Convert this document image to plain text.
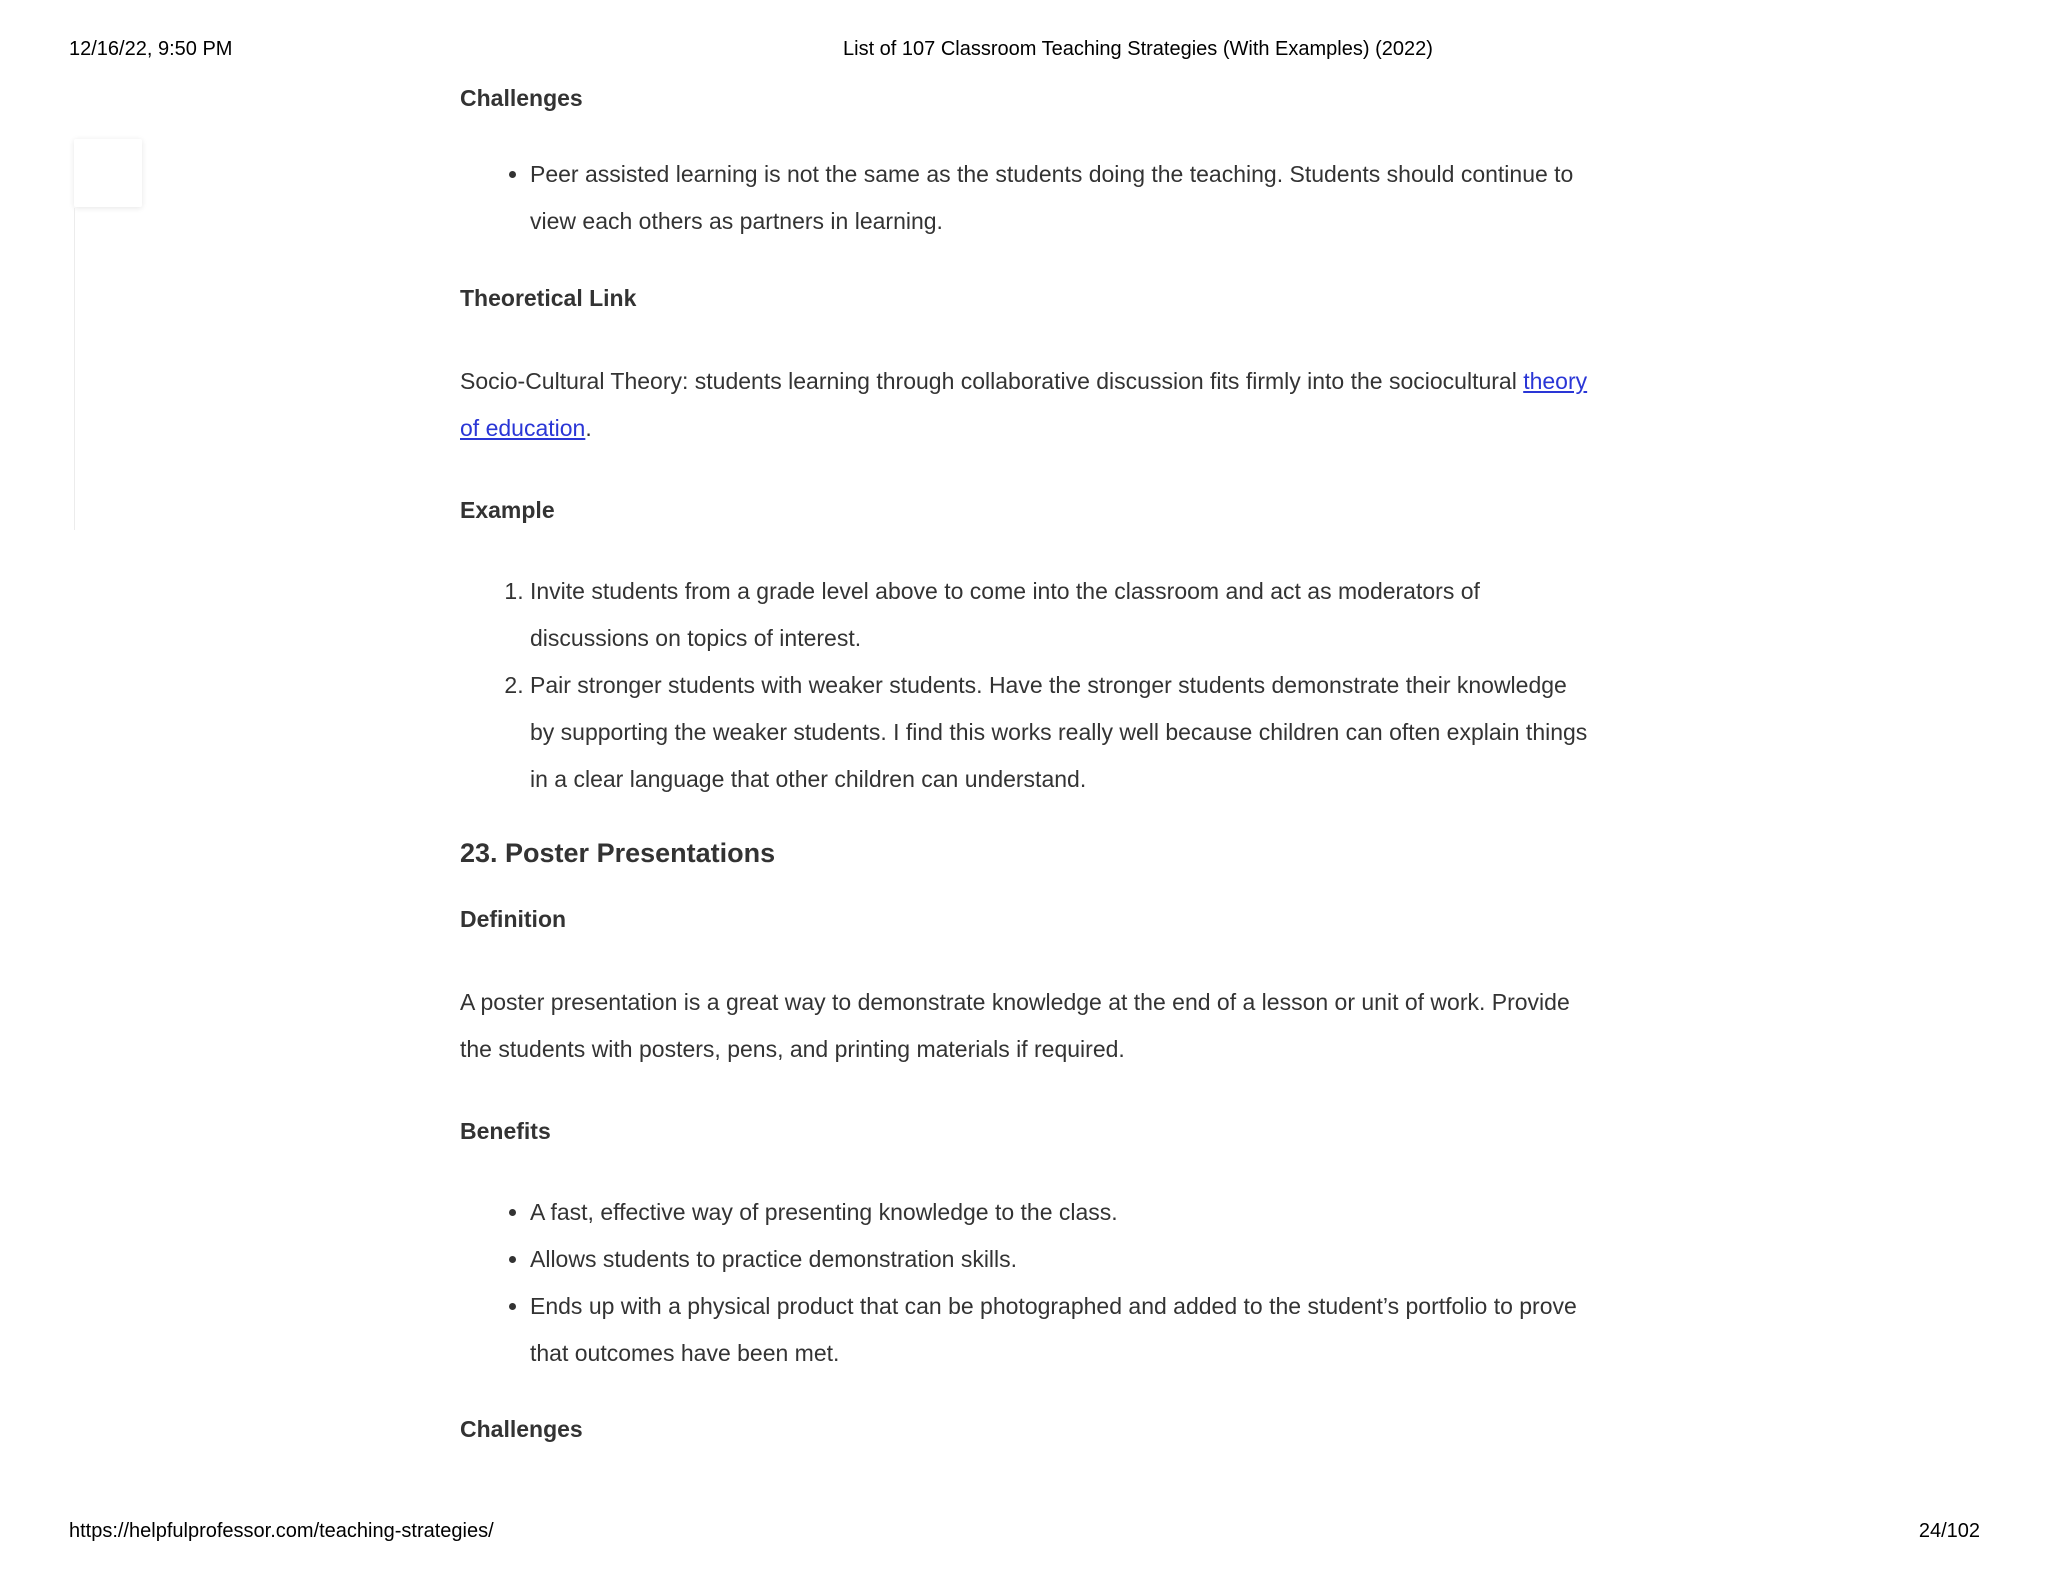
12/16/22, 9:50 PM	List of 107 Classroom Teaching Strategies (With Examples) (2022)
Challenges
• Peer assisted learning is not the same as the students doing the teaching. Students should continue to view each others as partners in learning.
Theoretical Link

Socio-Cultural Theory: students learning through collaborative discussion fits firmly into the sociocultural theory of education.

Example
1. Invite students from a grade level above to come into the classroom and act as moderators of discussions on topics of interest.
2. Pair stronger students with weaker students. Have the stronger students demonstrate their knowledge by supporting the weaker students. I find this works really well because children can often explain things in a clear language that other children can understand.
23. Poster Presentations
Definition

A poster presentation is a great way to demonstrate knowledge at the end of a lesson or unit of work. Provide the students with posters, pens, and printing materials if required.

Benefits
• A fast, effective way of presenting knowledge to the class.
• Allows students to practice demonstration skills.
• Ends up with a physical product that can be photographed and added to the student’s portfolio to prove that outcomes have been met.
Challenges
https://helpfulprofessor.com/teaching-strategies/	24/102
